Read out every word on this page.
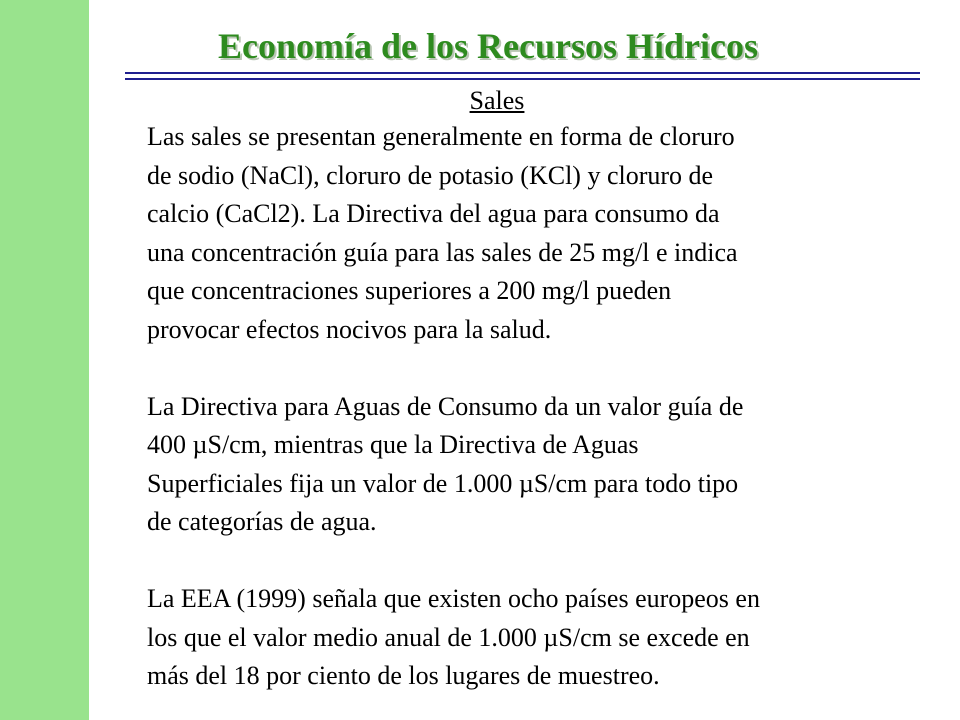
Economía de los Recursos Hídricos
Sales
Las sales se presentan generalmente en forma de cloruro
de sodio (NaCl), cloruro de potasio (KCl) y cloruro de
calcio (CaCl2). La Directiva del agua para consumo da
una concentración guía para las sales de 25 mg/l e indica
que concentraciones superiores a 200 mg/l pueden
provocar efectos nocivos para la salud.
La Directiva para Aguas de Consumo da un valor guía de
400 µS/cm, mientras que la Directiva de Aguas
Superficiales fija un valor de 1.000 µS/cm para todo tipo
de categorías de agua.
La EEA (1999) señala que existen ocho países europeos en
los que el valor medio anual de 1.000 µS/cm se excede en
más del 18 por ciento de los lugares de muestreo.
